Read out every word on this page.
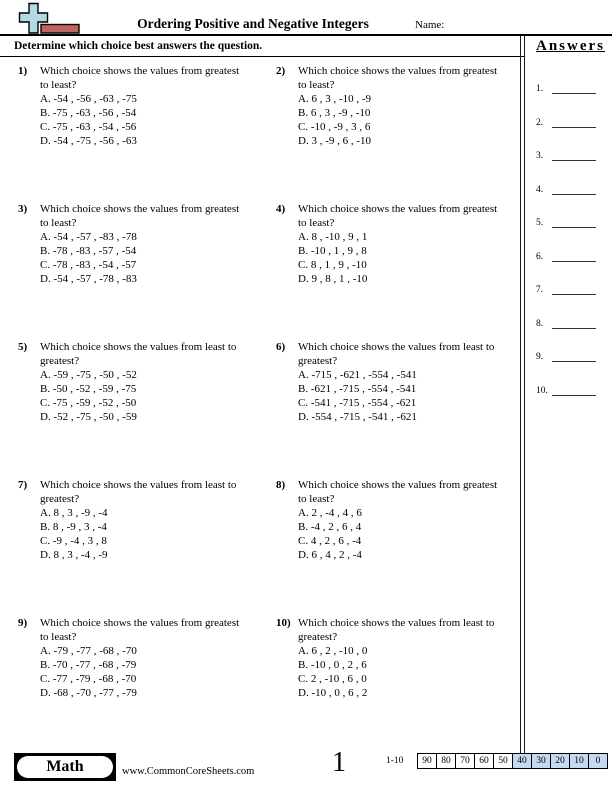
Ordering Positive and Negative Integers	Name:
Determine which choice best answers the question.
1)	Which choice shows the values from greatest to least?
A. -54 , -56 , -63 , -75
B. -75 , -63 , -56 , -54
C. -75 , -63 , -54 , -56
D. -54 , -75 , -56 , -63
2)	Which choice shows the values from greatest to least?
A. 6 , 3 , -10 , -9
B. 6 , 3 , -9 , -10
C. -10 , -9 , 3 , 6
D. 3 , -9 , 6 , -10
3)	Which choice shows the values from greatest to least?
A. -54 , -57 , -83 , -78
B. -78 , -83 , -57 , -54
C. -78 , -83 , -54 , -57
D. -54 , -57 , -78 , -83
4)	Which choice shows the values from greatest to least?
A. 8 , -10 , 9 , 1
B. -10 , 1 , 9 , 8
C. 8 , 1 , 9 , -10
D. 9 , 8 , 1 , -10
5)	Which choice shows the values from least to greatest?
A. -59 , -75 , -50 , -52
B. -50 , -52 , -59 , -75
C. -75 , -59 , -52 , -50
D. -52 , -75 , -50 , -59
6)	Which choice shows the values from least to greatest?
A. -715 , -621 , -554 , -541
B. -621 , -715 , -554 , -541
C. -541 , -715 , -554 , -621
D. -554 , -715 , -541 , -621
7)	Which choice shows the values from least to greatest?
A. 8 , 3 , -9 , -4
B. 8 , -9 , 3 , -4
C. -9 , -4 , 3 , 8
D. 8 , 3 , -4 , -9
8)	Which choice shows the values from greatest to least?
A. 2 , -4 , 4 , 6
B. -4 , 2 , 6 , 4
C. 4 , 2 , 6 , -4
D. 6 , 4 , 2 , -4
9)	Which choice shows the values from greatest to least?
A. -79 , -77 , -68 , -70
B. -70 , -77 , -68 , -79
C. -77 , -79 , -68 , -70
D. -68 , -70 , -77 , -79
10) Which choice shows the values from least to greatest?
A. 6 , 2 , -10 , 0
B. -10 , 0 , 2 , 6
C. 2 , -10 , 6 , 0
D. -10 , 0 , 6 , 2
Answers
1.
2.
3.
4.
5.
6.
7.
8.
9.
10.
Math	www.CommonCoreSheets.com	1	1-10	90	80	70	60	50	40	30	20	10	0
